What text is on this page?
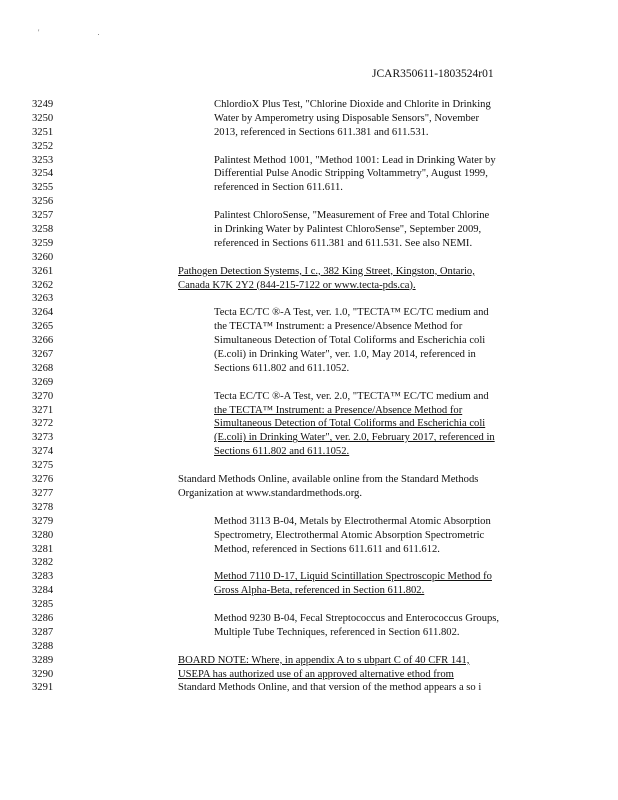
' .
JCAR350611-1803524r01
3249	ChlordioX Plus Test, "Chlorine Dioxide and Chlorite in Drinking
3250	Water by Amperometry using Disposable Sensors", November
3251	2013, referenced in Sections 611.381 and 611.531.
3252
3253	Palintest Method 1001, "Method 1001: Lead in Drinking Water by
3254	Differential Pulse Anodic Stripping Voltammetry", August 1999,
3255	referenced in Section 611.611.
3256
3257	Palintest ChloroSense, "Measurement of Free and Total Chlorine
3258	in Drinking Water by Palintest ChloroSense", September 2009,
3259	referenced in Sections 611.381 and 611.531. See also NEMI.
3260
3261	Pathogen Detection Systems, I c., 382 King Street, Kingston, Ontario,
3262	Canada K7K 2Y2 (844-215-7122 or www.tecta-pds.ca).
3263
3264	Tecta EC/TC ®-A Test, ver. 1.0, "TECTA™ EC/TC medium and
3265	the TECTA™ Instrument: a Presence/Absence Method for
3266	Simultaneous Detection of Total Coliforms and Escherichia coli
3267	(E.coli) in Drinking Water", ver. 1.0, May 2014, referenced in
3268	Sections 611.802 and 611.1052.
3269
3270	Tecta EC/TC ®-A Test, ver. 2.0, "TECTA™ EC/TC medium and
3271	the TECTA™ Instrument: a Presence/Absence Method for
3272	Simultaneous Detection of Total Coliforms and Escherichia coli
3273	(E.coli) in Drinking Water", ver. 2.0, February 2017, referenced in
3274	Sections 611.802 and 611.1052.
3275
3276	Standard Methods Online, available online from the Standard Methods
3277	Organization at www.standardmethods.org.
3278
3279	Method 3113 B-04, Metals by Electrothermal Atomic Absorption
3280	Spectrometry, Electrothermal Atomic Absorption Spectrometric
3281	Method, referenced in Sections 611.611 and 611.612.
3282
3283	Method 7110 D-17, Liquid Scintillation Spectroscopic Method fo
3284	Gross Alpha-Beta, referenced in Section 611.802.
3285
3286	Method 9230 B-04, Fecal Streptococcus and Enterococcus Groups,
3287	Multiple Tube Techniques, referenced in Section 611.802.
3288
3289	BOARD NOTE: Where, in appendix A to s ubpart C of 40 CFR 141,
3290	USEPA has authorized use of an approved alternative ethod from
3291	Standard Methods Online, and that version of the method appears a so i
